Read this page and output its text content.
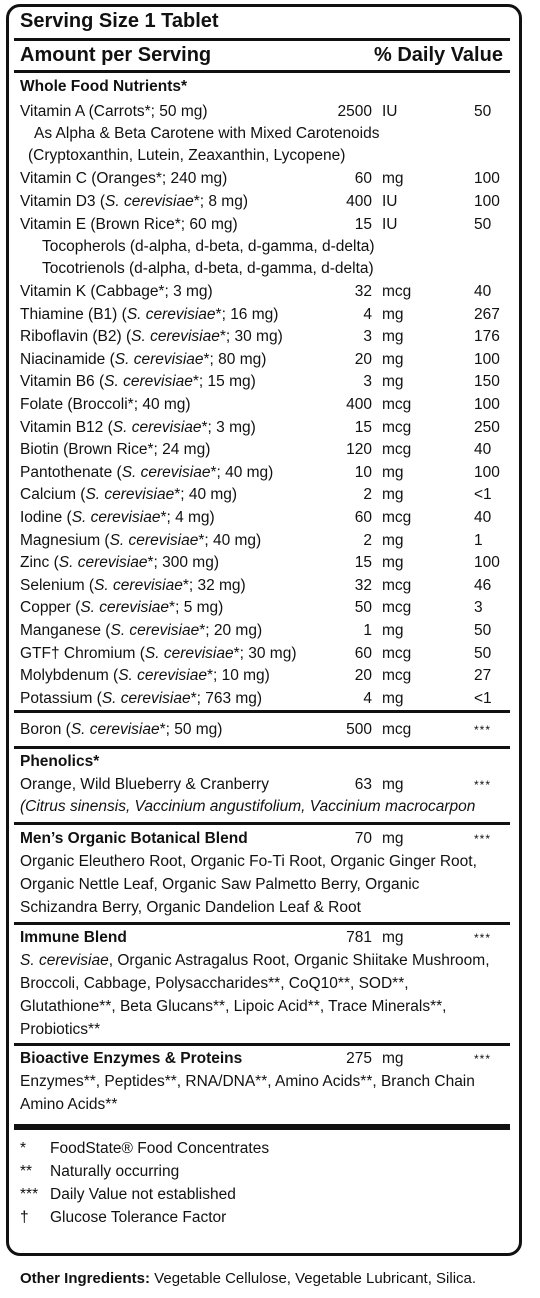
Serving Size 1 Tablet
Amount per Serving	% Daily Value
Whole Food Nutrients*
Vitamin A (Carrots*; 50 mg)	2500 IU	50
As Alpha & Beta Carotene with Mixed Carotenoids
(Cryptoxanthin, Lutein, Zeaxanthin, Lycopene)
Vitamin C (Oranges*; 240 mg)	60 mg	100
Vitamin D3 (S. cerevisiae*; 8 mg)	400 IU	100
Vitamin E (Brown Rice*; 60 mg)	15 IU	50
Tocopherols (d-alpha, d-beta, d-gamma, d-delta)
Tocotrienols (d-alpha, d-beta, d-gamma, d-delta)
Vitamin K (Cabbage*; 3 mg)	32 mcg	40
Thiamine (B1) (S. cerevisiae*; 16 mg)	4 mg	267
Riboflavin (B2) (S. cerevisiae*; 30 mg)	3 mg	176
Niacinamide (S. cerevisiae*; 80 mg)	20 mg	100
Vitamin B6 (S. cerevisiae*; 15 mg)	3 mg	150
Folate (Broccoli*; 40 mg)	400 mcg	100
Vitamin B12 (S. cerevisiae*; 3 mg)	15 mcg	250
Biotin (Brown Rice*; 24 mg)	120 mcg	40
Pantothenate (S. cerevisiae*; 40 mg)	10 mg	100
Calcium (S. cerevisiae*; 40 mg)	2 mg	<1
Iodine (S. cerevisiae*; 4 mg)	60 mcg	40
Magnesium (S. cerevisiae*; 40 mg)	2 mg	1
Zinc (S. cerevisiae*; 300 mg)	15 mg	100
Selenium (S. cerevisiae*; 32 mg)	32 mcg	46
Copper (S. cerevisiae*; 5 mg)	50 mcg	3
Manganese (S. cerevisiae*; 20 mg)	1 mg	50
GTF† Chromium (S. cerevisiae*; 30 mg)	60 mcg	50
Molybdenum (S. cerevisiae*; 10 mg)	20 mcg	27
Potassium (S. cerevisiae*; 763 mg)	4 mg	<1
Boron (S. cerevisiae*; 50 mg)	500 mcg	***
Phenolics*
Orange, Wild Blueberry & Cranberry	63 mg	***
(Citrus sinensis, Vaccinium angustifolium, Vaccinium macrocarpon
Men’s Organic Botanical Blend	70 mg	***
Organic Eleuthero Root, Organic Fo-Ti Root, Organic Ginger Root, Organic Nettle Leaf, Organic Saw Palmetto Berry, Organic Schizandra Berry, Organic Dandelion Leaf & Root
Immune Blend	781 mg	***
S. cerevisiae, Organic Astragalus Root, Organic Shiitake Mushroom, Broccoli, Cabbage, Polysaccharides**, CoQ10**, SOD**, Glutathione**, Beta Glucans**, Lipoic Acid**, Trace Minerals**, Probiotics**
Bioactive Enzymes & Proteins	275 mg	***
Enzymes**, Peptides**, RNA/DNA**, Amino Acids**, Branch Chain Amino Acids**
* FoodState® Food Concentrates
** Naturally occurring
*** Daily Value not established
† Glucose Tolerance Factor
Other Ingredients: Vegetable Cellulose, Vegetable Lubricant, Silica.
